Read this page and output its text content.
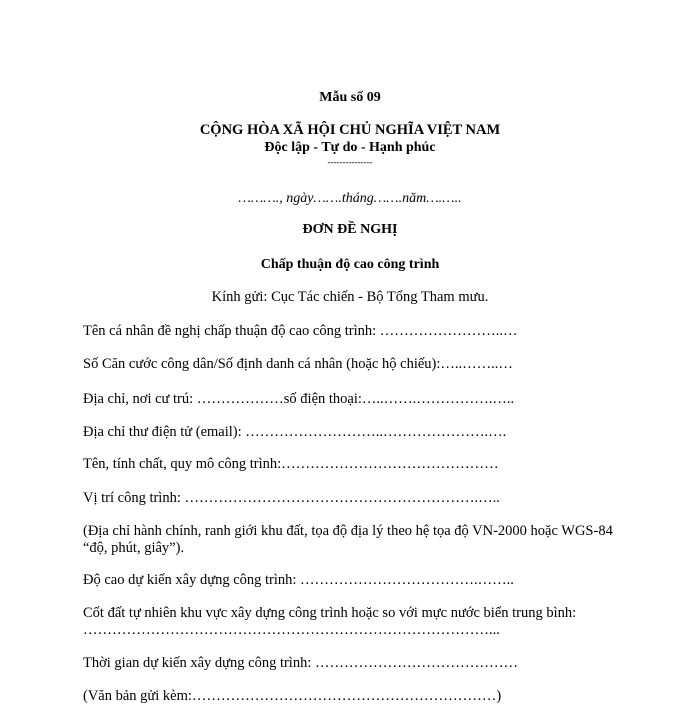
Mẫu số 09
CỘNG HÒA XÃ HỘI CHỦ NGHĨA VIỆT NAM
Độc lập - Tự do - Hạnh phúc
---------------
………., ngày…….tháng…….năm….…..
ĐƠN ĐỀ NGHỊ
Chấp thuận độ cao công trình
Kính gửi: Cục Tác chiến - Bộ Tổng Tham mưu.
Tên cá nhân đề nghị chấp thuận độ cao công trình: ……………………..…
Số Căn cước công dân/Số định danh cá nhân (hoặc hộ chiếu):…..……..…
Địa chỉ, nơi cư trú: ………………số điện thoại:…..…….…………….…..
Địa chỉ thư điện tử (email): ………………………..………………….….
Tên, tính chất, quy mô công trình:………………………………………
Vị trí công trình: …………………………………………………….…..
(Địa chỉ hành chính, ranh giới khu đất, tọa độ địa lý theo hệ tọa độ VN-2000 hoặc WGS-84 “độ, phút, giây”).
Độ cao dự kiến xây dựng công trình: ……………………………….……..
Cốt đất tự nhiên khu vực xây dựng công trình hoặc so với mực nước biển trung bình: …………………………………………………………………………...
Thời gian dự kiến xây dựng công trình: ……………………………………
(Văn bản gửi kèm:………………………………………………………)
